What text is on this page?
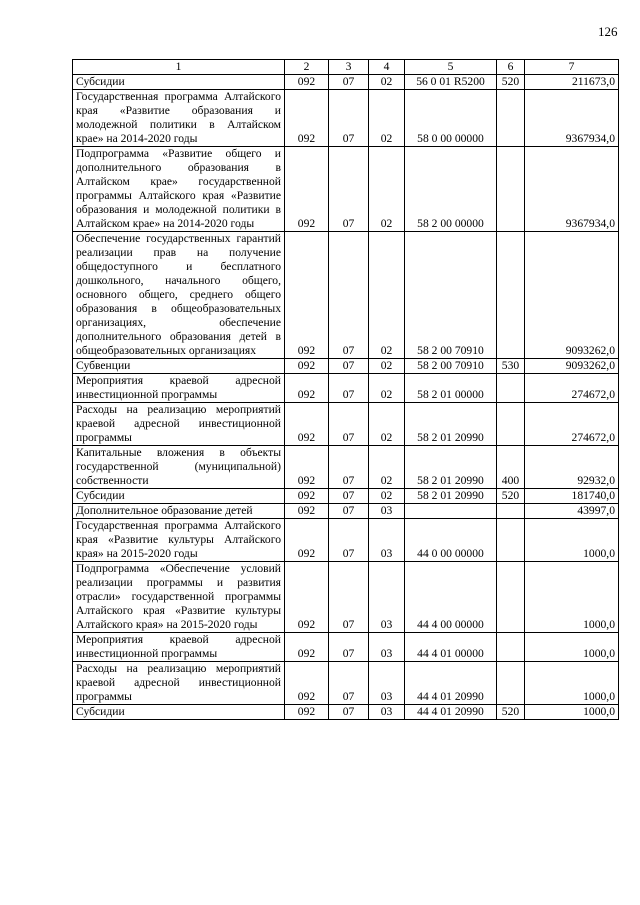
126
1	2	3	4	5	6	7
Субсидии	092	07	02	56 0 01 R5200	520	211673,0
Государственная программа Алтайского края «Развитие образования и молодежной политики в Алтайском крае» на 2014-2020 годы	092	07	02	58 0 00 00000		9367934,0
Подпрограмма «Развитие общего и дополнительного образования в Алтайском крае» государственной программы Алтайского края «Развитие образования и молодежной политики в Алтайском крае» на 2014-2020 годы	092	07	02	58 2 00 00000		9367934,0
Обеспечение государственных гарантий реализации прав на получение общедоступного и бесплатного дошкольного, начального общего, основного общего, среднего общего образования в общеобразовательных организациях, обеспечение дополнительного образования детей в общеобразовательных организациях	092	07	02	58 2 00 70910		9093262,0
Субвенции	092	07	02	58 2 00 70910	530	9093262,0
Мероприятия краевой адресной инвестиционной программы	092	07	02	58 2 01 00000		274672,0
Расходы на реализацию мероприятий краевой адресной инвестиционной программы	092	07	02	58 2 01 20990		274672,0
Капитальные вложения в объекты государственной (муниципальной) собственности	092	07	02	58 2 01 20990	400	92932,0
Субсидии	092	07	02	58 2 01 20990	520	181740,0
Дополнительное образование детей	092	07	03			43997,0
Государственная программа Алтайского края «Развитие культуры Алтайского края» на 2015-2020 годы	092	07	03	44 0 00 00000		1000,0
Подпрограмма «Обеспечение условий реализации программы и развития отрасли» государственной программы Алтайского края «Развитие культуры Алтайского края» на 2015-2020 годы	092	07	03	44 4 00 00000		1000,0
Мероприятия краевой адресной инвестиционной программы	092	07	03	44 4 01 00000		1000,0
Расходы на реализацию мероприятий краевой адресной инвестиционной программы	092	07	03	44 4 01 20990		1000,0
Субсидии	092	07	03	44 4 01 20990	520	1000,0
